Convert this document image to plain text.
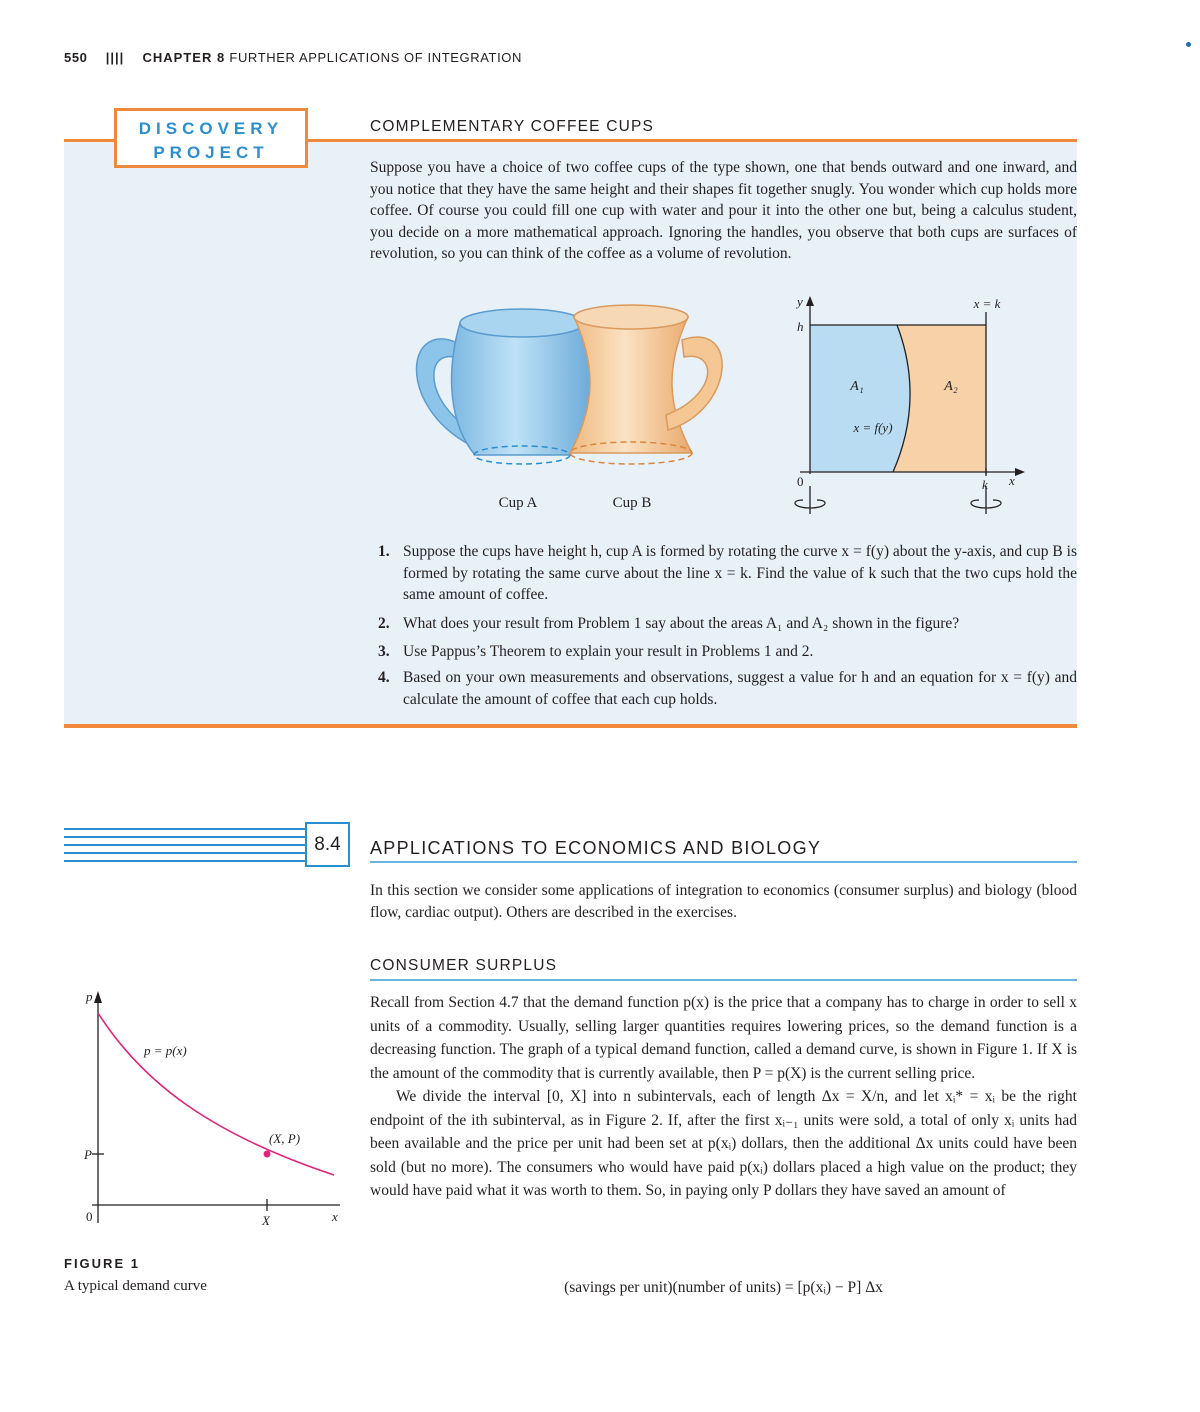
550 |||| CHAPTER 8 FURTHER APPLICATIONS OF INTEGRATION
DISCOVERY
PROJECT
COMPLEMENTARY COFFEE CUPS
Suppose you have a choice of two coffee cups of the type shown, one that bends outward and one inward, and you notice that they have the same height and their shapes fit together snugly. You wonder which cup holds more coffee. Of course you could fill one cup with water and pour it into the other one but, being a calculus student, you decide on a more mathematical approach. Ignoring the handles, you observe that both cups are surfaces of revolution, so you can think of the coffee as a volume of revolution.
Cup A	Cup B
y
h
x = k
A₁	A₂
x = f(y)
0	k x
1. Suppose the cups have height h, cup A is formed by rotating the curve x = f(y) about the y-axis, and cup B is formed by rotating the same curve about the line x = k. Find the value of k such that the two cups hold the same amount of coffee.
2. What does your result from Problem 1 say about the areas A₁ and A₂ shown in the figure?
3. Use Pappus’s Theorem to explain your result in Problems 1 and 2.
4. Based on your own measurements and observations, suggest a value for h and an equation for x = f(y) and calculate the amount of coffee that each cup holds.
8.4	APPLICATIONS TO ECONOMICS AND BIOLOGY
In this section we consider some applications of integration to economics (consumer surplus) and biology (blood flow, cardiac output). Others are described in the exercises.
CONSUMER SURPLUS

Recall from Section 4.7 that the demand function p(x) is the price that a company has to charge in order to sell x units of a commodity. Usually, selling larger quantities requires lowering prices, so the demand function is a decreasing function. The graph of a typical demand function, called a demand curve, is shown in Figure 1. If X is the amount of the commodity that is currently available, then P = p(X) is the current selling price.

We divide the interval [0, X] into n subintervals, each of length Δx = X/n, and let xᵢ* = xᵢ be the right endpoint of the ith subinterval, as in Figure 2. If, after the first xᵢ₋₁ units were sold, a total of only xᵢ units had been available and the price per unit had been set at p(xᵢ) dollars, then the additional Δx units could have been sold (but no more). The consumers who would have paid p(xᵢ) dollars placed a high value on the product; they would have paid what it was worth to them. So, in paying only P dollars they have saved an amount of

(savings per unit)(number of units) = [p(xᵢ) − P] Δx
p
p = p(x)
(X, P)
P
0	X	x
FIGURE 1
A typical demand curve
